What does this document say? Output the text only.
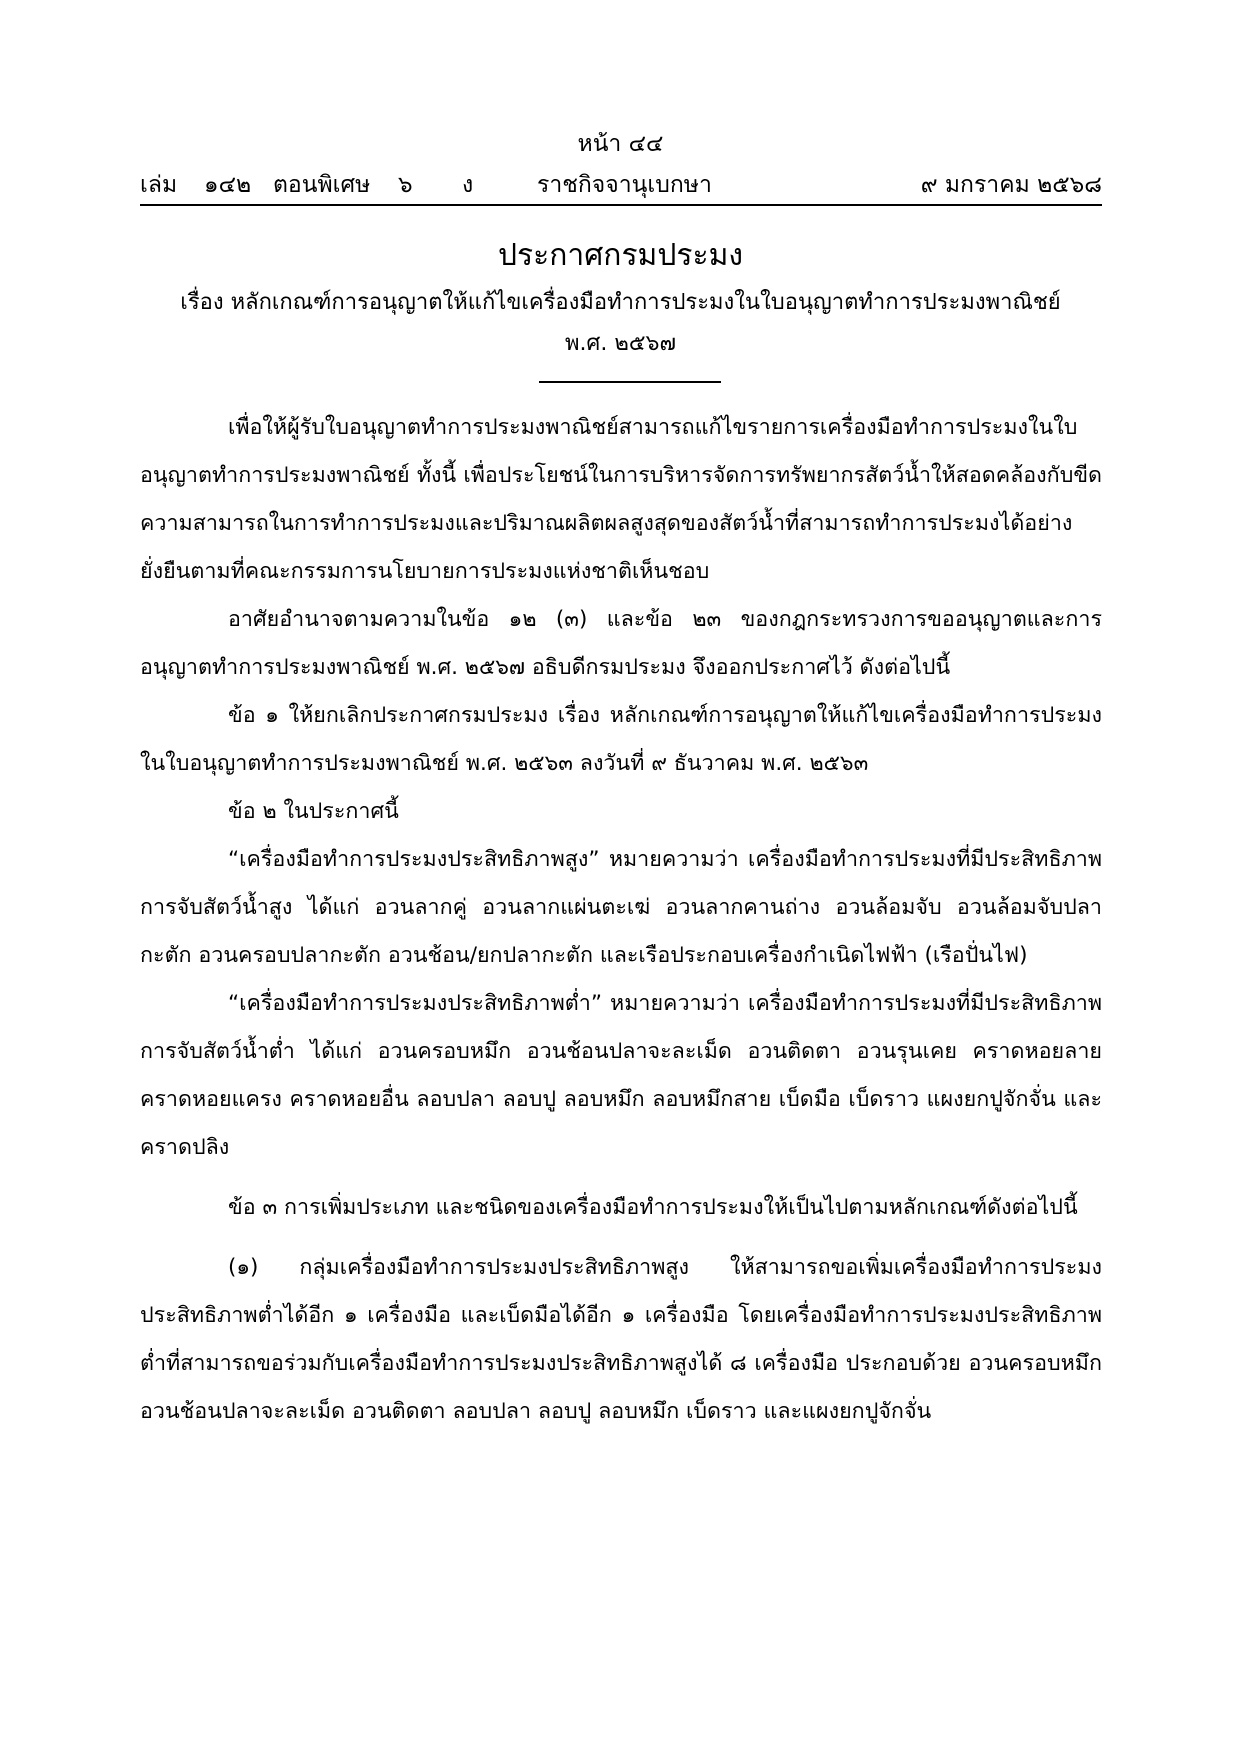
หน้า ๔๔
เล่ม ๑๔๒ ตอนพิเศษ ๖ ง	ราชกิจจานุเบกษา	๙ มกราคม ๒๕๖๘
ประกาศกรมประมง
เรื่อง หลักเกณฑ์การอนุญาตให้แก้ไขเครื่องมือทำการประมงในใบอนุญาตทำการประมงพาณิชย์
พ.ศ. ๒๕๖๗

เพื่อให้ผู้รับใบอนุญาตทำการประมงพาณิชย์สามารถแก้ไขรายการเครื่องมือทำการประมงในใบอนุญาตทำการประมงพาณิชย์ ทั้งนี้ เพื่อประโยชน์ในการบริหารจัดการทรัพยากรสัตว์น้ำให้สอดคล้องกับขีดความสามารถในการทำการประมงและปริมาณผลิตผลสูงสุดของสัตว์น้ำที่สามารถทำการประมงได้อย่างยั่งยืนตามที่คณะกรรมการนโยบายการประมงแห่งชาติเห็นชอบ

อาศัยอำนาจตามความในข้อ ๑๒ (๓) และข้อ ๒๓ ของกฎกระทรวงการขออนุญาตและการอนุญาตทำการประมงพาณิชย์ พ.ศ. ๒๕๖๗ อธิบดีกรมประมง จึงออกประกาศไว้ ดังต่อไปนี้

ข้อ ๑ ให้ยกเลิกประกาศกรมประมง เรื่อง หลักเกณฑ์การอนุญาตให้แก้ไขเครื่องมือทำการประมงในใบอนุญาตทำการประมงพาณิชย์ พ.ศ. ๒๕๖๓ ลงวันที่ ๙ ธันวาคม พ.ศ. ๒๕๖๓

ข้อ ๒ ในประกาศนี้

“เครื่องมือทำการประมงประสิทธิภาพสูง” หมายความว่า เครื่องมือทำการประมงที่มีประสิทธิภาพการจับสัตว์น้ำสูง ได้แก่ อวนลากคู่ อวนลากแผ่นตะเฆ่ อวนลากคานถ่าง อวนล้อมจับ อวนล้อมจับปลากะตัก อวนครอบปลากะตัก อวนช้อน/ยกปลากะตัก และเรือประกอบเครื่องกำเนิดไฟฟ้า (เรือปั่นไฟ)

“เครื่องมือทำการประมงประสิทธิภาพต่ำ” หมายความว่า เครื่องมือทำการประมงที่มีประสิทธิภาพการจับสัตว์น้ำต่ำ ได้แก่ อวนครอบหมึก อวนช้อนปลาจะละเม็ด อวนติดตา อวนรุนเคย คราดหอยลาย คราดหอยแครง คราดหอยอื่น ลอบปลา ลอบปู ลอบหมึก ลอบหมึกสาย เบ็ดมือ เบ็ดราว แผงยกปูจักจั่น และคราดปลิง

ข้อ ๓ การเพิ่มประเภท และชนิดของเครื่องมือทำการประมงให้เป็นไปตามหลักเกณฑ์ดังต่อไปนี้

(๑) กลุ่มเครื่องมือทำการประมงประสิทธิภาพสูง ให้สามารถขอเพิ่มเครื่องมือทำการประมงประสิทธิภาพต่ำได้อีก ๑ เครื่องมือ และเบ็ดมือได้อีก ๑ เครื่องมือ โดยเครื่องมือทำการประมงประสิทธิภาพต่ำที่สามารถขอร่วมกับเครื่องมือทำการประมงประสิทธิภาพสูงได้ ๘ เครื่องมือ ประกอบด้วย อวนครอบหมึก อวนช้อนปลาจะละเม็ด อวนติดตา ลอบปลา ลอบปู ลอบหมึก เบ็ดราว และแผงยกปูจักจั่น
